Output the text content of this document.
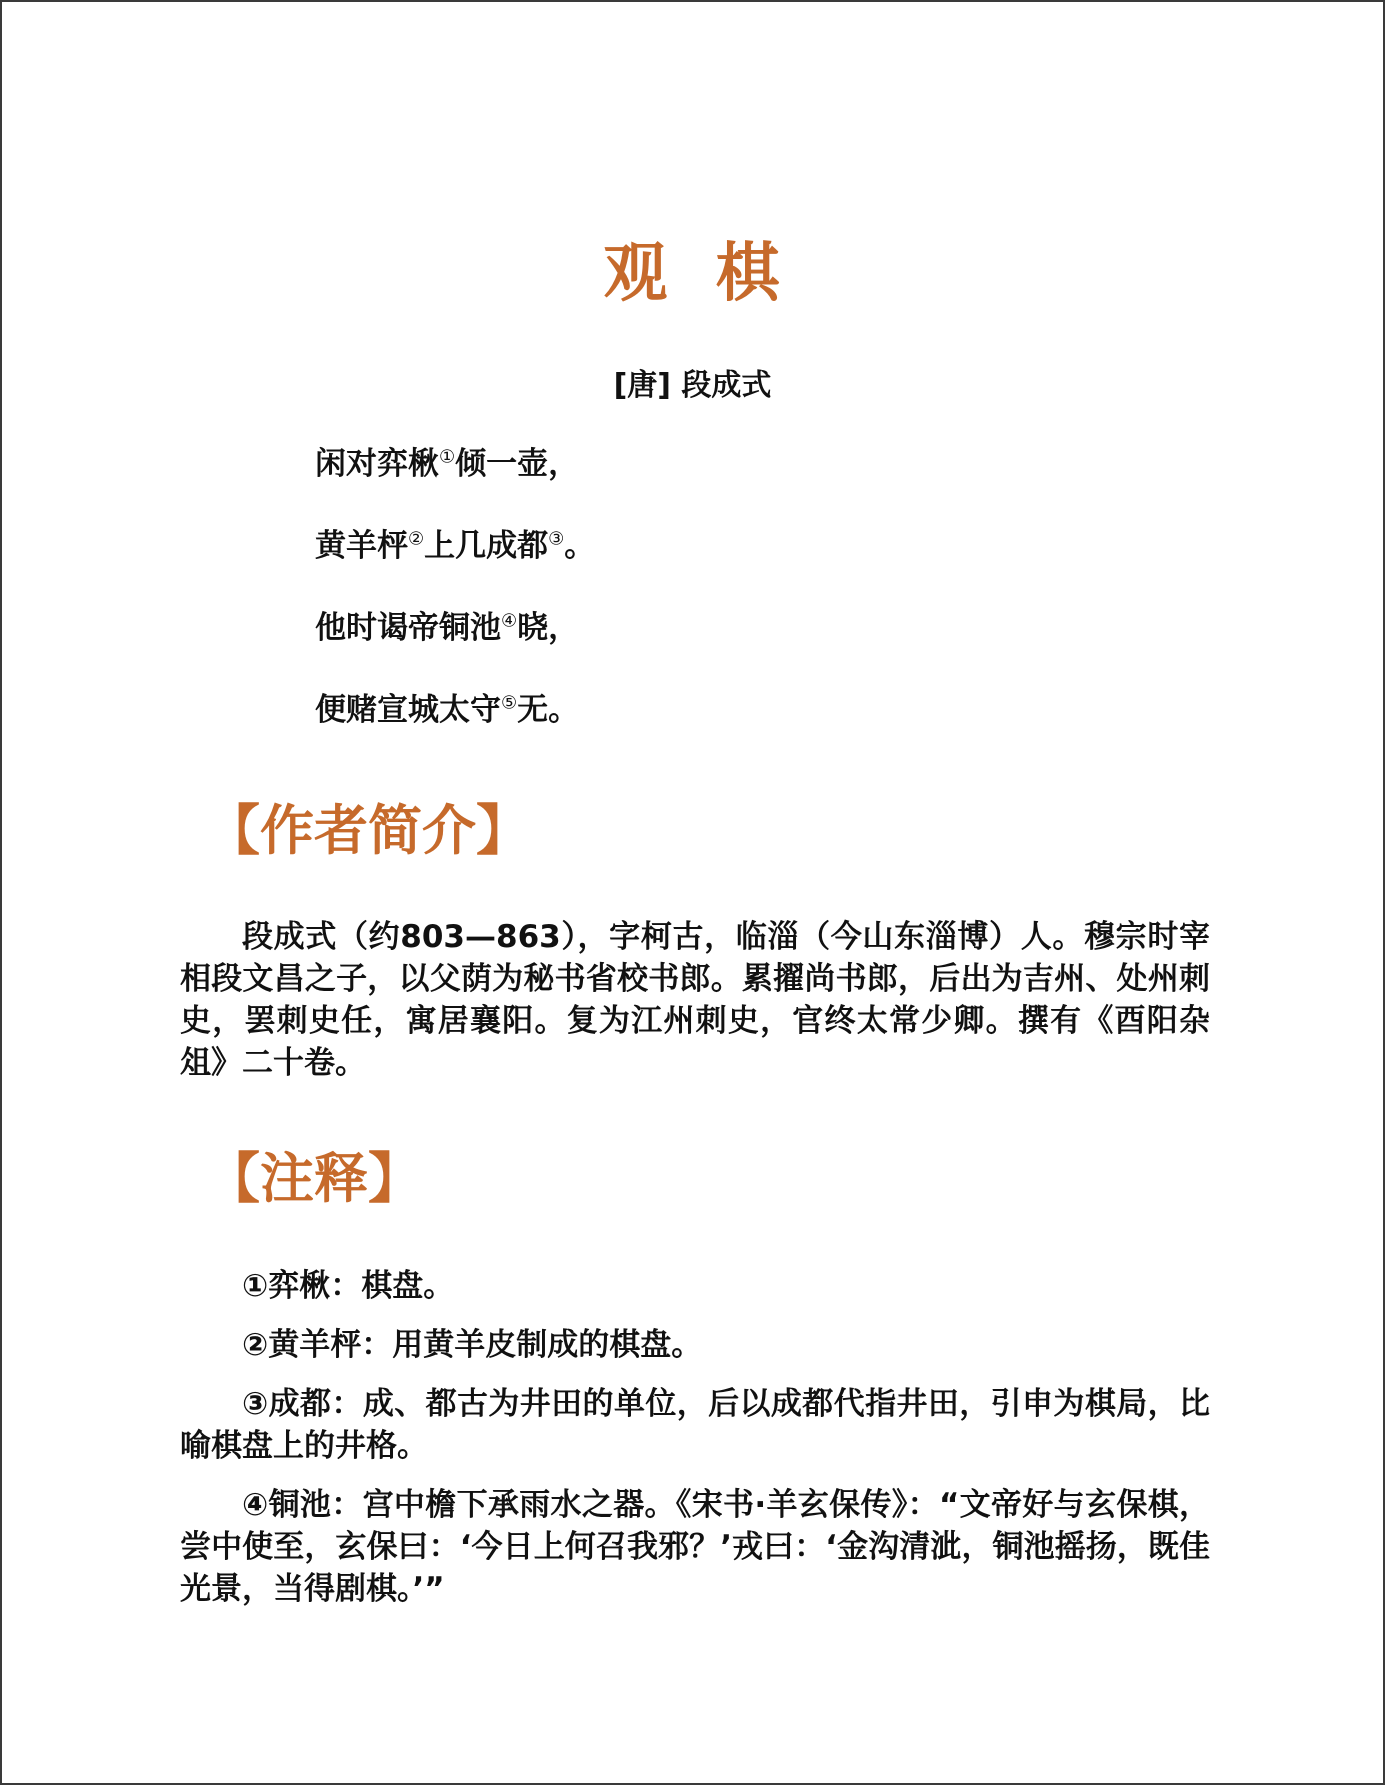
观 棋
[唐] 段成式
闲对弈楸①倾一壶，
黄羊枰②上几成都③。
他时谒帝铜池④晓，
便赌宣城太守⑤无。
【作者简介】

段成式（约803—863），字柯古，临淄（今山东淄博）人。穆宗时宰相段文昌之子，以父荫为秘书省校书郎。累擢尚书郎，后出为吉州、处州刺史，罢刺史任，寓居襄阳。复为江州刺史，官终太常少卿。撰有《酉阳杂俎》二十卷。

【注释】

①弈楸：棋盘。

②黄羊枰：用黄羊皮制成的棋盘。

③成都：成、都古为井田的单位，后以成都代指井田，引申为棋局，比喻棋盘上的井格。

④铜池：宫中檐下承雨水之器。《宋书·羊玄保传》：“文帝好与玄保棋，尝中使至，玄保曰：‘今日上何召我邪？’戎曰：‘金沟清泚，铜池摇扬，既佳光景，当得剧棋。’”
